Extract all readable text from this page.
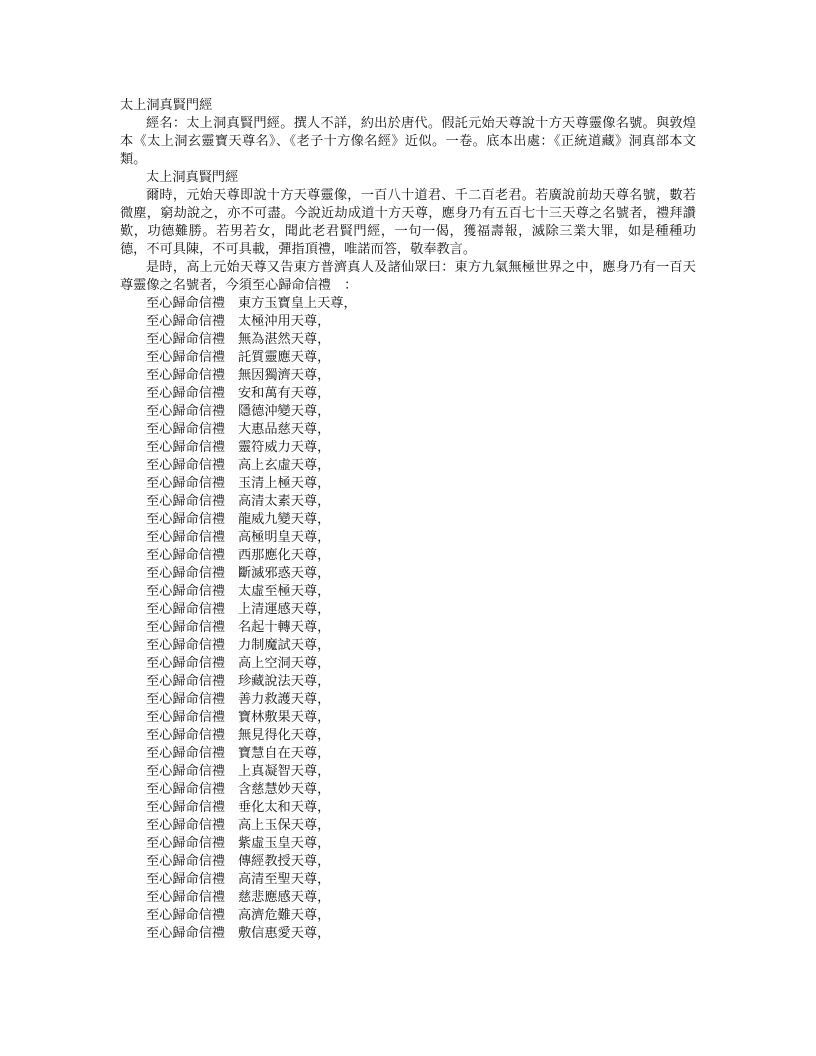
太上洞真賢門經
經名：太上洞真賢門經。撰人不詳，約出於唐代。假託元始天尊說十方天尊靈像名號。與敦煌本《太上洞玄靈寶天尊名》、《老子十方像名經》近似。一卷。底本出處：《正統道藏》洞真部本文類。
太上洞真賢門經
爾時，元始天尊即說十方天尊靈像，一百八十道君、千二百老君。若廣說前劫天尊名號，數若微塵，窮劫說之，亦不可盡。今說近劫成道十方天尊，應身乃有五百七十三天尊之名號者，禮拜讚歎，功德難勝。若男若女，聞此老君賢門經，一句一偈，獲福壽報，滅除三業大罪，如是種種功德，不可具陳，不可具載，彈指頂禮，唯諾而答，敬奉教言。
是時，高上元始天尊又告東方普濟真人及諸仙眾曰：東方九氣無極世界之中，應身乃有一百天尊靈像之名號者，今須至心歸命信禮　：
至心歸命信禮 東方玉寶皇上天尊，
至心歸命信禮 太極沖用天尊，
至心歸命信禮 無為湛然天尊，
至心歸命信禮 託質靈應天尊，
至心歸命信禮 無因獨濟天尊，
至心歸命信禮 安和萬有天尊，
至心歸命信禮 隱德沖變天尊，
至心歸命信禮 大惠品慈天尊，
至心歸命信禮 靈符威力天尊，
至心歸命信禮 高上玄虛天尊，
至心歸命信禮 玉清上極天尊，
至心歸命信禮 高清太素天尊，
至心歸命信禮 龍威九變天尊，
至心歸命信禮 高極明皇天尊，
至心歸命信禮 西那應化天尊，
至心歸命信禮 斷滅邪惑天尊，
至心歸命信禮 太虛至極天尊，
至心歸命信禮 上清運感天尊，
至心歸命信禮 名起十轉天尊，
至心歸命信禮 力制魔試天尊，
至心歸命信禮 高上空洞天尊，
至心歸命信禮 珍藏說法天尊，
至心歸命信禮 善力救護天尊，
至心歸命信禮 寶林敷果天尊，
至心歸命信禮 無見得化天尊，
至心歸命信禮 寶慧自在天尊，
至心歸命信禮 上真凝智天尊，
至心歸命信禮 含慈慧妙天尊，
至心歸命信禮 垂化太和天尊，
至心歸命信禮 高上玉保天尊，
至心歸命信禮 紫虛玉皇天尊，
至心歸命信禮 傳經教授天尊，
至心歸命信禮 高清至聖天尊，
至心歸命信禮 慈悲應感天尊，
至心歸命信禮 高濟危難天尊，
至心歸命信禮 敷信惠愛天尊，
